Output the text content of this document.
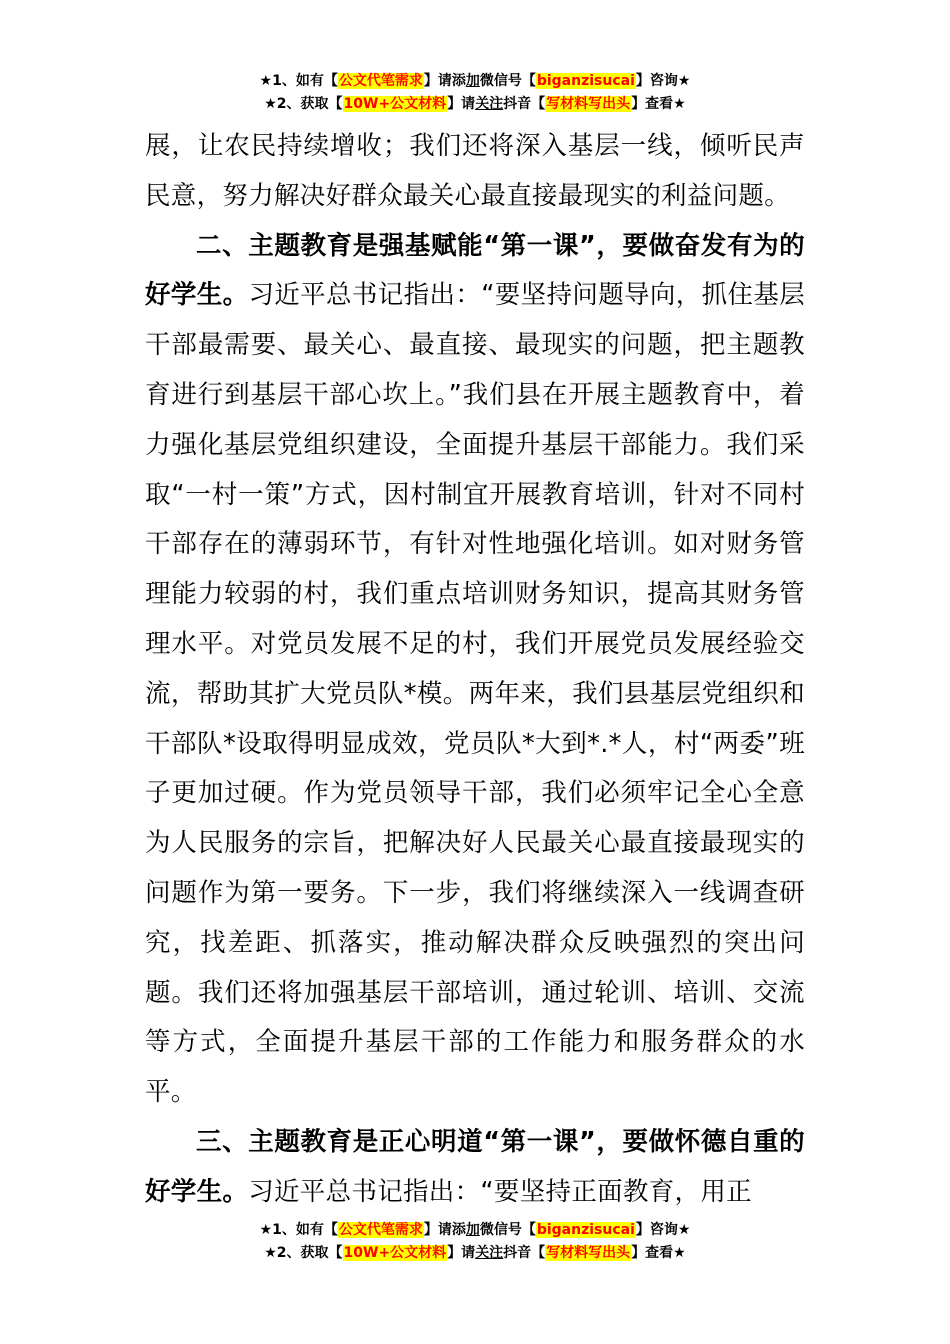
★1、如有【公文代笔需求】请添加微信号【biganzisucai】咨询★
★2、获取【10W+公文材料】请关注抖音【写材料写出头】查看★

展，让农民持续增收；我们还将深入基层一线，倾听民声民意，努力解决好群众最关心最直接最现实的利益问题。

二、主题教育是强基赋能“第一课”，要做奋发有为的好学生。习近平总书记指出：“要坚持问题导向，抓住基层干部最需要、最关心、最直接、最现实的问题，把主题教育进行到基层干部心坎上。”我们县在开展主题教育中，着力强化基层党组织建设，全面提升基层干部能力。我们采取“一村一策”方式，因村制宜开展教育培训，针对不同村干部存在的薄弱环节，有针对性地强化培训。如对财务管理能力较弱的村，我们重点培训财务知识，提高其财务管理水平。对党员发展不足的村，我们开展党员发展经验交流，帮助其扩大党员队*模。两年来，我们县基层党组织和干部队*设取得明显成效，党员队*大到*.*人，村“两委”班子更加过硬。作为党员领导干部，我们必须牢记全心全意为人民服务的宗旨，把解决好人民最关心最直接最现实的问题作为第一要务。下一步，我们将继续深入一线调查研究，找差距、抓落实，推动解决群众反映强烈的突出问题。我们还将加强基层干部培训，通过轮训、培训、交流等方式，全面提升基层干部的工作能力和服务群众的水平。

三、主题教育是正心明道“第一课”，要做怀德自重的好学生。习近平总书记指出：“要坚持正面教育，用正

★1、如有【公文代笔需求】请添加微信号【biganzisucai】咨询★
★2、获取【10W+公文材料】请关注抖音【写材料写出头】查看★
